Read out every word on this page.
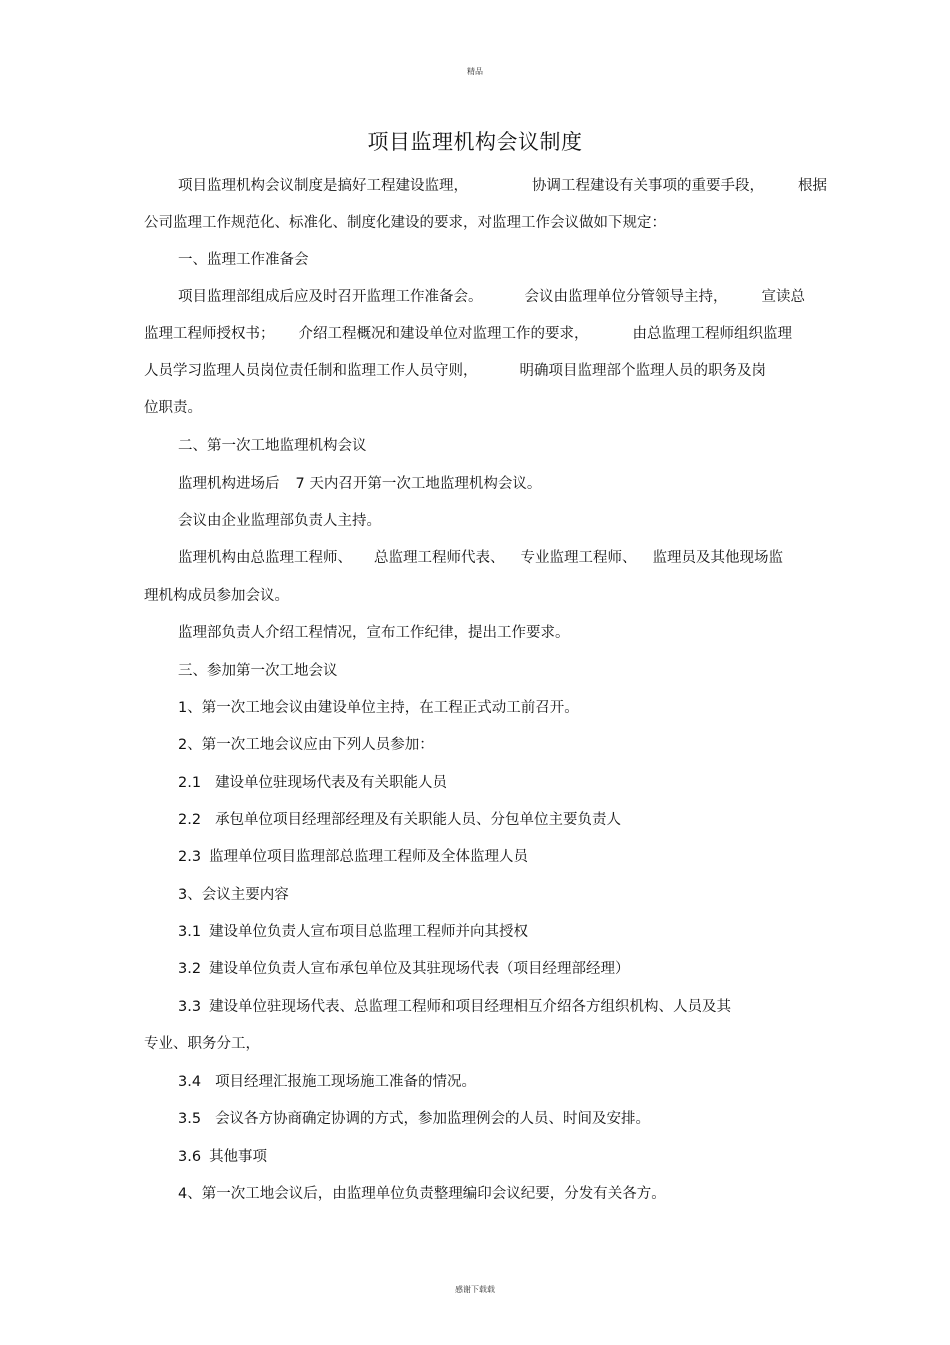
精品
项目监理机构会议制度
项目监理机构会议制度是搞好工程建设监理，	协调工程建设有关事项的重要手段， 根据
公司监理工作规范化、标准化、制度化建设的要求，对监理工作会议做如下规定：
一、监理工作准备会
项目监理部组成后应及时召开监理工作准备会。	会议由监理单位分管领导主持， 宣读总
监理工程师授权书； 介绍工程概况和建设单位对监理工作的要求，	由总监理工程师组织监理
人员学习监理人员岗位责任制和监理工作人员守则，	明确项目监理部个监理人员的职务及岗
位职责。
二、第一次工地监理机构会议
监理机构进场后 7 天内召开第一次工地监理机构会议。
会议由企业监理部负责人主持。
监理机构由总监理工程师、 总监理工程师代表、 专业监理工程师、 监理员及其他现场监
理机构成员参加会议。
监理部负责人介绍工程情况，宣布工作纪律，提出工作要求。
三、参加第一次工地会议
1、第一次工地会议由建设单位主持，在工程正式动工前召开。
2、第一次工地会议应由下列人员参加：
2.1 建设单位驻现场代表及有关职能人员
2.2 承包单位项目经理部经理及有关职能人员、分包单位主要负责人
2.3 监理单位项目监理部总监理工程师及全体监理人员
3、会议主要内容
3.1 建设单位负责人宣布项目总监理工程师并向其授权
3.2 建设单位负责人宣布承包单位及其驻现场代表（项目经理部经理）
3.3 建设单位驻现场代表、总监理工程师和项目经理相互介绍各方组织机构、人员及其
专业、职务分工，
3.4 项目经理汇报施工现场施工准备的情况。
3.5 会议各方协商确定协调的方式，参加监理例会的人员、时间及安排。
3.6 其他事项
4、第一次工地会议后，由监理单位负责整理编印会议纪要，分发有关各方。
感谢下载载
